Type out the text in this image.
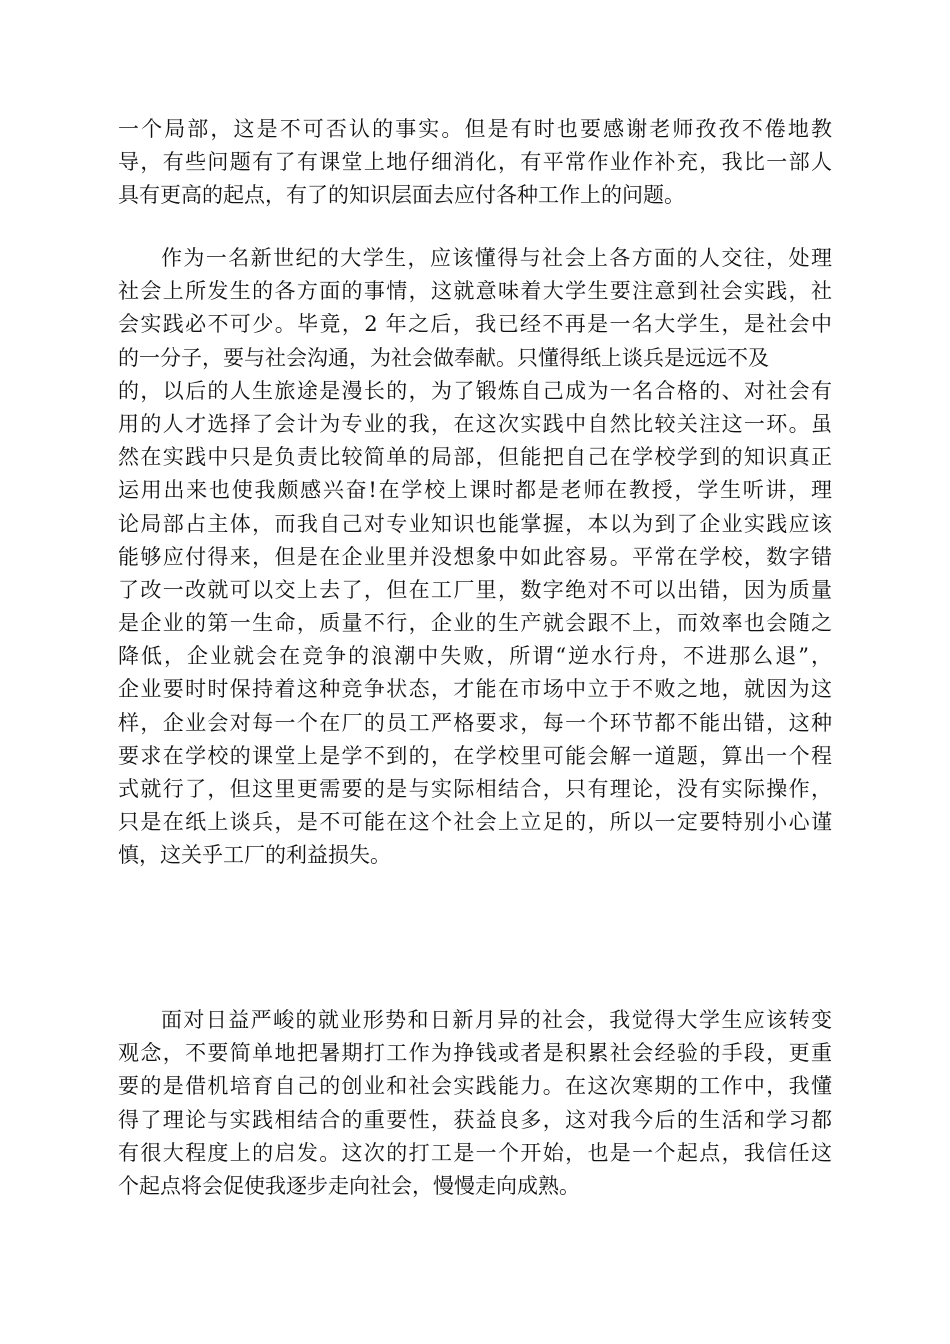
一个局部，这是不可否认的事实。但是有时也要感谢老师孜孜不倦地教
导，有些问题有了有课堂上地仔细消化，有平常作业作补充，我比一部人
具有更高的起点，有了的知识层面去应付各种工作上的问题。
作为一名新世纪的大学生，应该懂得与社会上各方面的人交往，处理
社会上所发生的各方面的事情，这就意味着大学生要注意到社会实践，社
会实践必不可少。毕竟，2 年之后，我已经不再是一名大学生，是社会中
的一分子，要与社会沟通，为社会做奉献。只懂得纸上谈兵是远远不及
的，以后的人生旅途是漫长的，为了锻炼自己成为一名合格的、对社会有
用的人才选择了会计为专业的我，在这次实践中自然比较关注这一环。虽
然在实践中只是负责比较简单的局部，但能把自己在学校学到的知识真正
运用出来也使我颇感兴奋!在学校上课时都是老师在教授，学生听讲，理
论局部占主体，而我自己对专业知识也能掌握，本以为到了企业实践应该
能够应付得来，但是在企业里并没想象中如此容易。平常在学校，数字错
了改一改就可以交上去了，但在工厂里，数字绝对不可以出错，因为质量
是企业的第一生命，质量不行，企业的生产就会跟不上，而效率也会随之
降低，企业就会在竞争的浪潮中失败，所谓“逆水行舟，不进那么退”，
企业要时时保持着这种竞争状态，才能在市场中立于不败之地，就因为这
样，企业会对每一个在厂的员工严格要求，每一个环节都不能出错，这种
要求在学校的课堂上是学不到的，在学校里可能会解一道题，算出一个程
式就行了，但这里更需要的是与实际相结合，只有理论，没有实际操作，
只是在纸上谈兵，是不可能在这个社会上立足的，所以一定要特别小心谨
慎，这关乎工厂的利益损失。
面对日益严峻的就业形势和日新月异的社会，我觉得大学生应该转变
观念，不要简单地把暑期打工作为挣钱或者是积累社会经验的手段，更重
要的是借机培育自己的创业和社会实践能力。在这次寒期的工作中，我懂
得了理论与实践相结合的重要性，获益良多，这对我今后的生活和学习都
有很大程度上的启发。这次的打工是一个开始，也是一个起点，我信任这
个起点将会促使我逐步走向社会，慢慢走向成熟。
